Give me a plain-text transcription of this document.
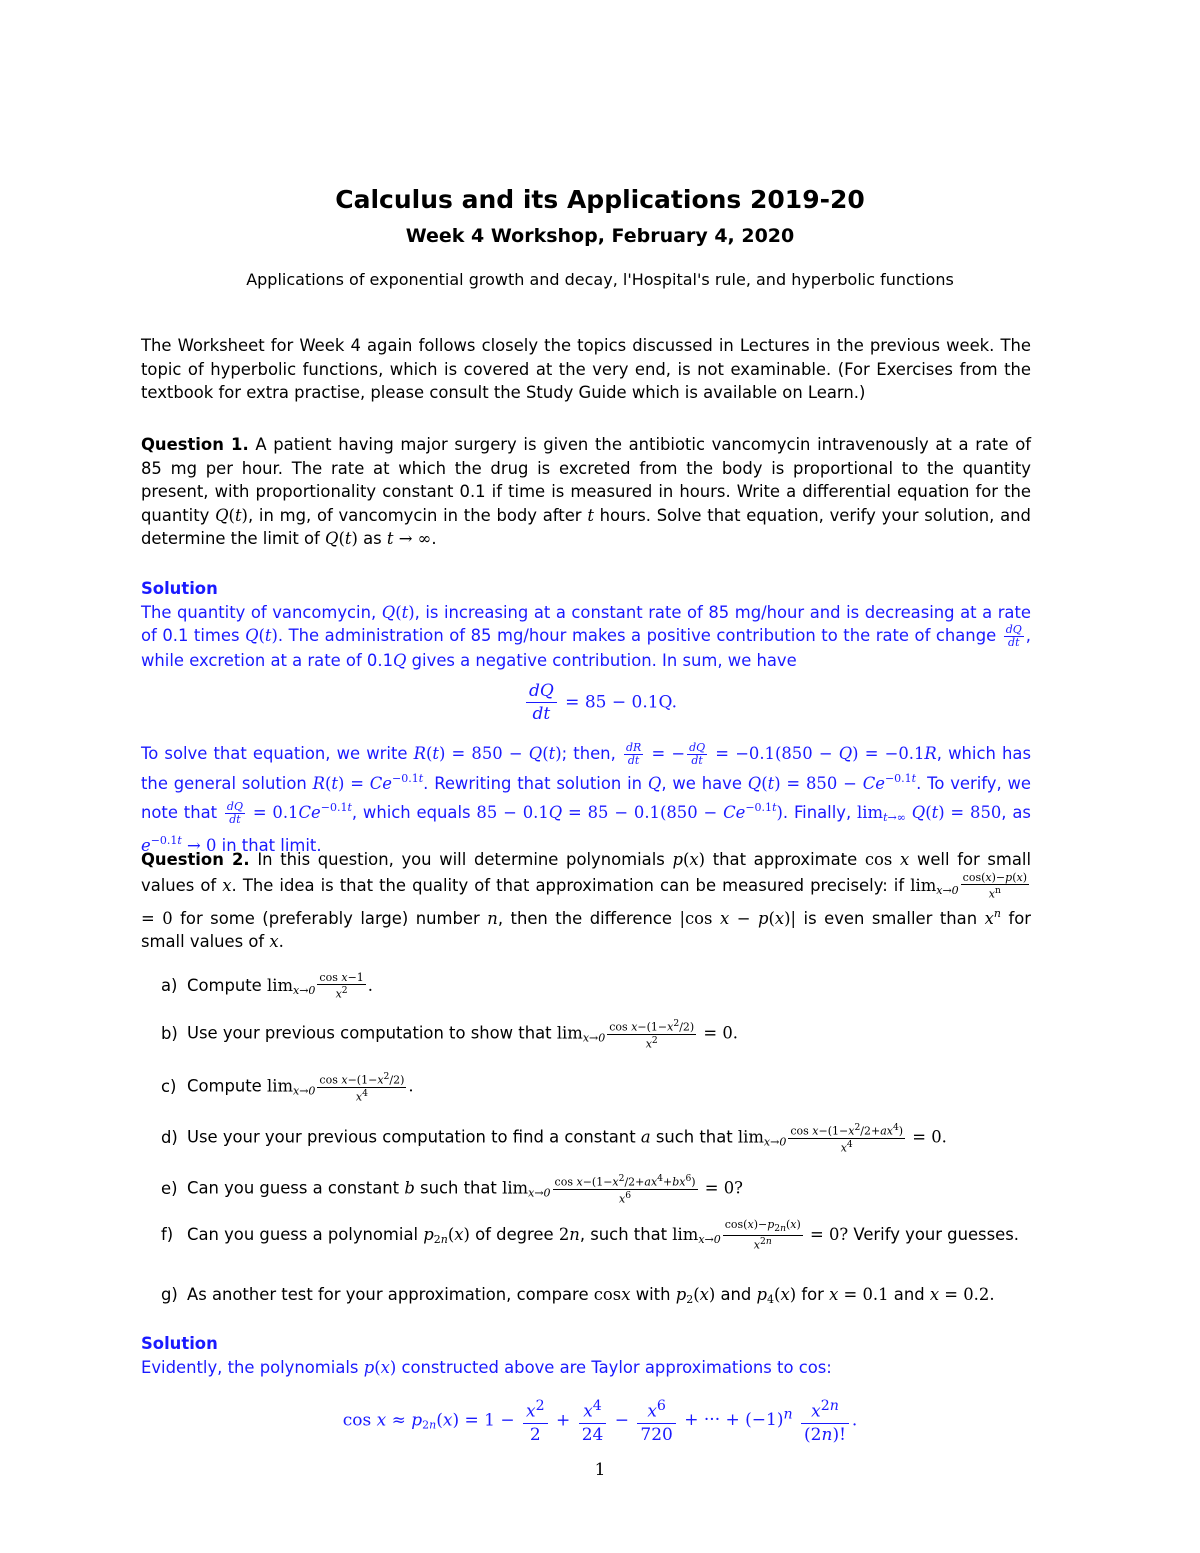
Calculus and its Applications 2019-20
Week 4 Workshop, February 4, 2020
Applications of exponential growth and decay, l'Hospital's rule, and hyperbolic functions
The Worksheet for Week 4 again follows closely the topics discussed in Lectures in the previous week. The topic of hyperbolic functions, which is covered at the very end, is not examinable. (For Exercises from the textbook for extra practise, please consult the Study Guide which is available on Learn.)
Question 1. A patient having major surgery is given the antibiotic vancomycin intravenously at a rate of 85 mg per hour. The rate at which the drug is excreted from the body is proportional to the quantity present, with proportionality constant 0.1 if time is measured in hours. Write a differential equation for the quantity Q(t), in mg, of vancomycin in the body after t hours. Solve that equation, verify your solution, and determine the limit of Q(t) as t → ∞.
Solution
The quantity of vancomycin, Q(t), is increasing at a constant rate of 85 mg/hour and is decreasing at a rate of 0.1 times Q(t). The administration of 85 mg/hour makes a positive contribution to the rate of change $\frac{dQ}{dt}$ , while excretion at a rate of 0.1Q gives a negative contribution. In sum, we have
$\frac{dQ}{dt} = 85 - 0.1Q$.
To solve that equation, we write R(t) = 850 − Q(t); then, $\frac{dR}{dt}$ = − $\frac{dQ}{dt} = -0.1(850 - Q) = -0.1R$, which has the general solution $R(t) = Ce^{-0.1t}$. Rewriting that solution in Q, we have $Q(t) = 850 - Ce^{-0.1t}$. To verify, we note that $\frac{dQ}{dt} = 0.1Ce^{-0.1t}$, which equals $85 - 0.1Q = 85 - 0.1(850 - Ce^{-0.1t})$. Finally, $\lim_{t\to\infty} Q(t) = 850$, as $e^{-0.1t} \to 0$ in that limit.
Question 2. In this question, you will determine polynomials p(x) that approximate cos x well for small values of x. The idea is that the quality of that approximation can be measured precisely: if $\lim_{x\to 0} \frac{\cos(x)-p(x)}{x^n}$
= 0 for some (preferably large) number n, then the difference |cos x − p(x)| is even smaller than $x^n$ for small values of x.
a) Compute $\lim_{x\to 0} \frac{\text{cos x−1}}{x^2}$ .
b) Use your previous computation to show that $\lim_{x\to 0} \frac{\cos x-(1-x^2/2)}{x^2} = 0$.
c) Compute $\lim_{x\to 0} \frac{\cos x-(1-x^2/2)}{x^4}$ .
d) Use your your previous computation to find a constant a such that $\lim_{x\to 0} \frac{\cos x-(1-x^2/2+ax^4)}{x^4} = 0$.
e) Can you guess a constant b such that $\lim_{x\to 0} \frac{\cos x-(1-x^2/2+ax^4+bx^6)}{x^6} = 0$?
f) Can you guess a polynomial $p_{2n}(x)$ of degree 2n, such that $\lim_{x\to 0} \frac{\cos(x)-p_{2n}(x)}{x^{2n}} = 0$? Verify your guesses.
g) As another test for your approximation, compare cosx with $p_2(x)$ and $p_4(x)$ for x = 0.1 and x = 0.2.
Solution
Evidently, the polynomials p(x) constructed above are Taylor approximations to cos:
$\cos x \approx p_{2n}(x) = 1 - \frac{x^2}{2} + \frac{x^4}{24} - \frac{x^6}{720}$ + ··· + $(-1)^n \frac{x^{2n}}{(2n)!}$ .
1
